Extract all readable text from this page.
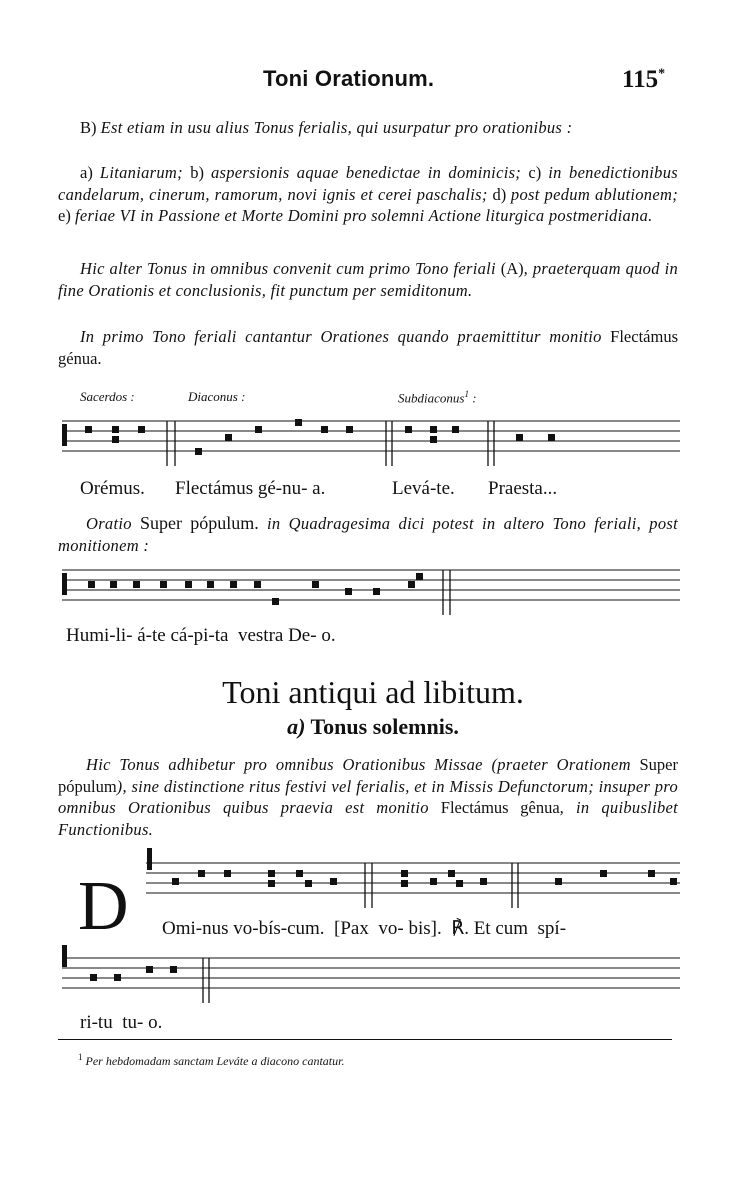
Toni Orationum.	115*
B) Est etiam in usu alius Tonus ferialis, qui usurpatur pro orationibus :
a) Litaniarum; b) aspersionis aquae benedictae in dominicis; c) in benedictionibus candelarum, cinerum, ramorum, novi ignis et cerei paschalis; d) post pedum ablutionem; e) feriae VI in Passione et Morte Domini pro solemni Actione liturgica postmeridiana.
Hic alter Tonus in omnibus convenit cum primo Tono feriali (A), praeterquam quod in fine Orationis et conclusionis, fit punctum per semiditonum.
In primo Tono feriali cantantur Orationes quando praemittitur monitio Flectámus génua.
Sacerdos :	Diaconus :	Subdiaconus$^1$ :
Orémus. Flectámus gé-nu- a.	Levá-te. Praesta...
Oratio Super pópulum. in Quadragesima dici potest in altero Tono feriali, post monitionem :
Humi-li- á-te cá-pi-ta  vestra De- o.
Toni antiqui ad libitum.
a) Tonus solemnis.
Hic Tonus adhibetur pro omnibus Orationibus Missae (praeter Orationem Super pópulum), sine distinctione ritus festivi vel ferialis, et in Missis Defunctorum; insuper pro omnibus Orationibus quibus praevia est monitio Flectámus gênua, in quibuslibet Functionibus.
D Omi-nus vo-bís-cum.  [Pax  vo- bis].  ℟. Et cum  spí-
ri-tu  tu- o.
$^1$ Per hebdomadam sanctam Leváte a diacono cantatur.
